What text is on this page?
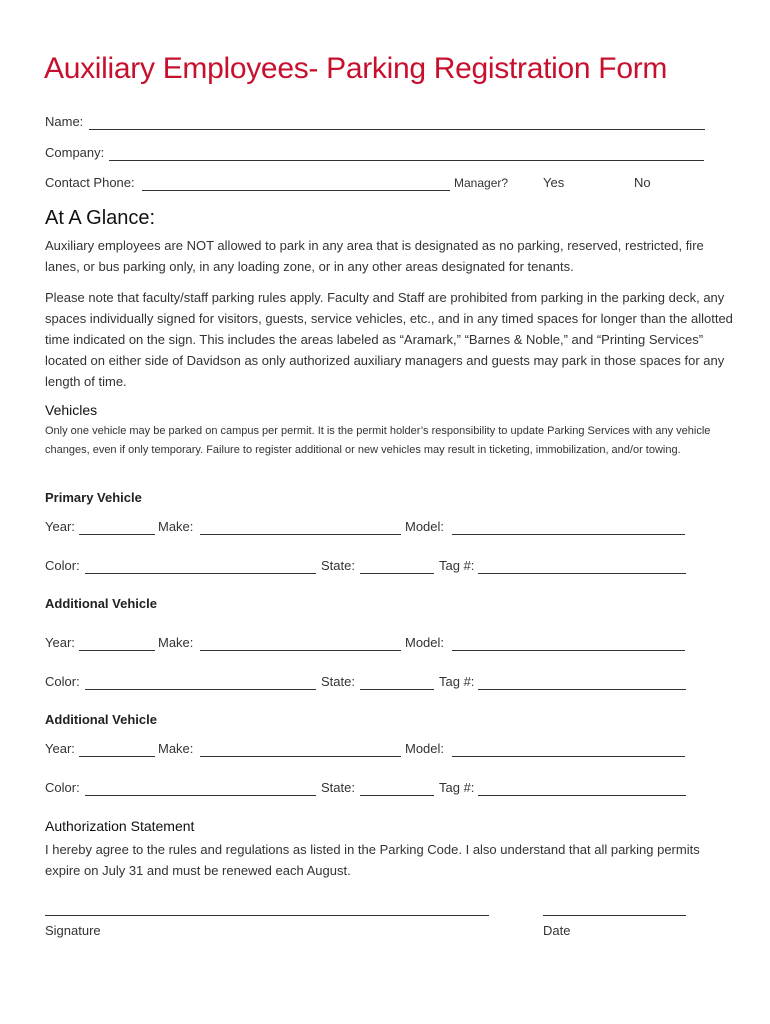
Auxiliary Employees- Parking Registration Form
Name:
Company:
Contact Phone:	Manager?	Yes	No
At A Glance:

Auxiliary employees are NOT allowed to park in any area that is designated as no parking, reserved, restricted, fire lanes, or bus parking only, in any loading zone, or in any other areas designated for tenants.

Please note that faculty/staff parking rules apply. Faculty and Staff are prohibited from parking in the parking deck, any spaces individually signed for visitors, guests, service vehicles, etc., and in any timed spaces for longer than the allotted time indicated on the sign. This includes the areas labeled as “Aramark,” “Barnes & Noble,” and “Printing Services” located on either side of Davidson as only authorized auxiliary managers and guests may park in those spaces for any length of time.

Vehicles

Only one vehicle may be parked on campus per permit. It is the permit holder’s responsibility to update Parking Services with any vehicle changes, even if only temporary. Failure to register additional or new vehicles may result in ticketing, immobilization, and/or towing.

Primary Vehicle
Year:	Make:	Model:
Color:	State:	Tag #:
Additional Vehicle
Year:	Make:	Model:
Color:	State:	Tag #:
Additional Vehicle
Year:	Make:	Model:
Color:	State:	Tag #:
Authorization Statement

I hereby agree to the rules and regulations as listed in the Parking Code. I also understand that all parking permits expire on July 31 and must be renewed each August.

Signature	Date
